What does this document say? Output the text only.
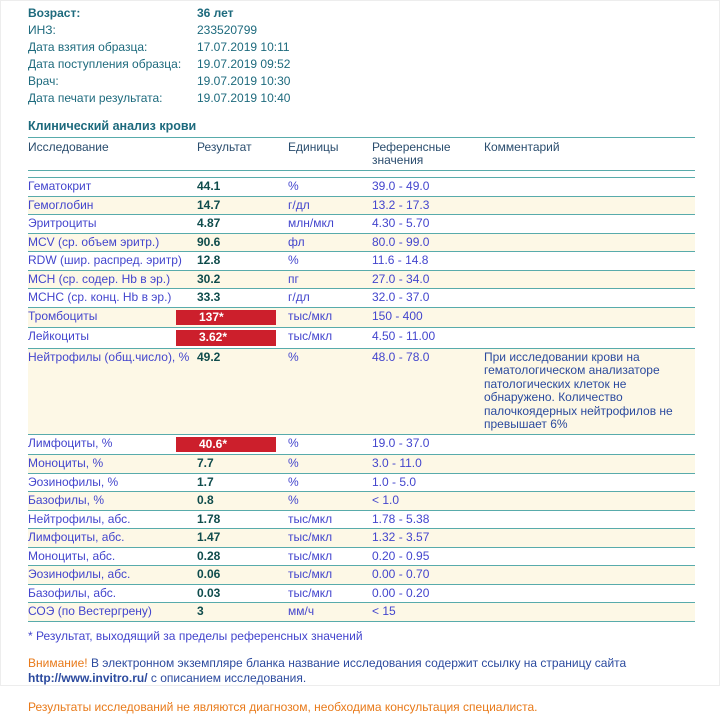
Возраст:	36 лет
ИНЗ:	233520799
Дата взятия образца:	17.07.2019 10:11
Дата поступления образца:	19.07.2019 09:52
Врач:	19.07.2019 10:30
Дата печати результата:	19.07.2019 10:40
Клинический анализ крови
Исследование	Результат	Единицы	Референсные значения	Комментарий

Гематокрит	44.1	%	39.0 - 49.0	
Гемоглобин	14.7	г/дл	13.2 - 17.3	
Эритроциты	4.87	млн/мкл	4.30 - 5.70	
MCV (ср. объем эритр.)	90.6	фл	80.0 - 99.0	
RDW (шир. распред. эритр)	12.8	%	11.6 - 14.8	
MCH (ср. содер. Hb в эр.)	30.2	пг	27.0 - 34.0	
MCHC (ср. конц. Hb в эр.)	33.3	г/дл	32.0 - 37.0	
Тромбоциты	137*	тыс/мкл	150 - 400	
Лейкоциты	3.62*	тыс/мкл	4.50 - 11.00	
Нейтрофилы (общ.число), %	49.2	%	48.0 - 78.0	При исследовании крови на гематологическом анализаторе патологических клеток не обнаружено. Количество палочкоядерных нейтрофилов не превышает 6%
Лимфоциты, %	40.6*	%	19.0 - 37.0	
Моноциты, %	7.7	%	3.0 - 11.0	
Эозинофилы, %	1.7	%	1.0 - 5.0	
Базофилы, %	0.8	%	< 1.0	
Нейтрофилы, абс.	1.78	тыс/мкл	1.78 - 5.38	
Лимфоциты, абс.	1.47	тыс/мкл	1.32 - 3.57	
Моноциты, абс.	0.28	тыс/мкл	0.20 - 0.95	
Эозинофилы, абс.	0.06	тыс/мкл	0.00 - 0.70	
Базофилы, абс.	0.03	тыс/мкл	0.00 - 0.20	
СОЭ (по Вестергрену)	3	мм/ч	< 15	
* Результат, выходящий за пределы референсных значений
Внимание! В электронном экземпляре бланка название исследования содержит ссылку на страницу сайта http://www.invitro.ru/ с описанием исследования.
Результаты исследований не являются диагнозом, необходима консультация специалиста.
